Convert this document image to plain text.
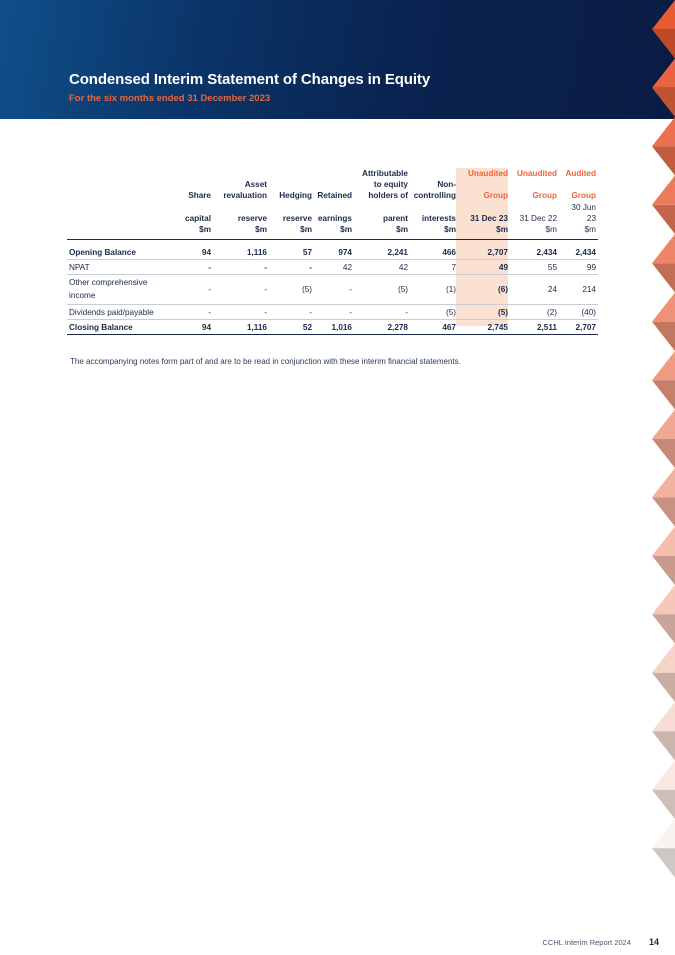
Condensed Interim Statement of Changes in Equity

For the six months ended 31 December 2023

					Attributable		Unaudited	Unaudited	Audited
		Asset			to equity	Non-			
	Share	revaluation	Hedging	Retained	holders of	controlling	Group	Group	Group
	capital	reserve	reserve	earnings	parent	interests	31 Dec 23	31 Dec 22	30 Jun 23
	$m	$m	$m	$m	$m	$m	$m	$m	$m

Opening Balance	94	1,116	57	974	2,241	466	2,707	2,434	2,434
NPAT	-	-	-	42	42	7	49	55	99
Other comprehensive
income	-	-	(5)	-	(5)	(1)	(6)	24	214
Dividends paid/payable	-	-	-	-	-	(5)	(5)	(2)	(40)
Closing Balance	94	1,116	52	1,016	2,278	467	2,745	2,511	2,707

The accompanying notes form part of and are to be read in conjunction with these interim financial statements.

CCHL Interim Report 2024 14
